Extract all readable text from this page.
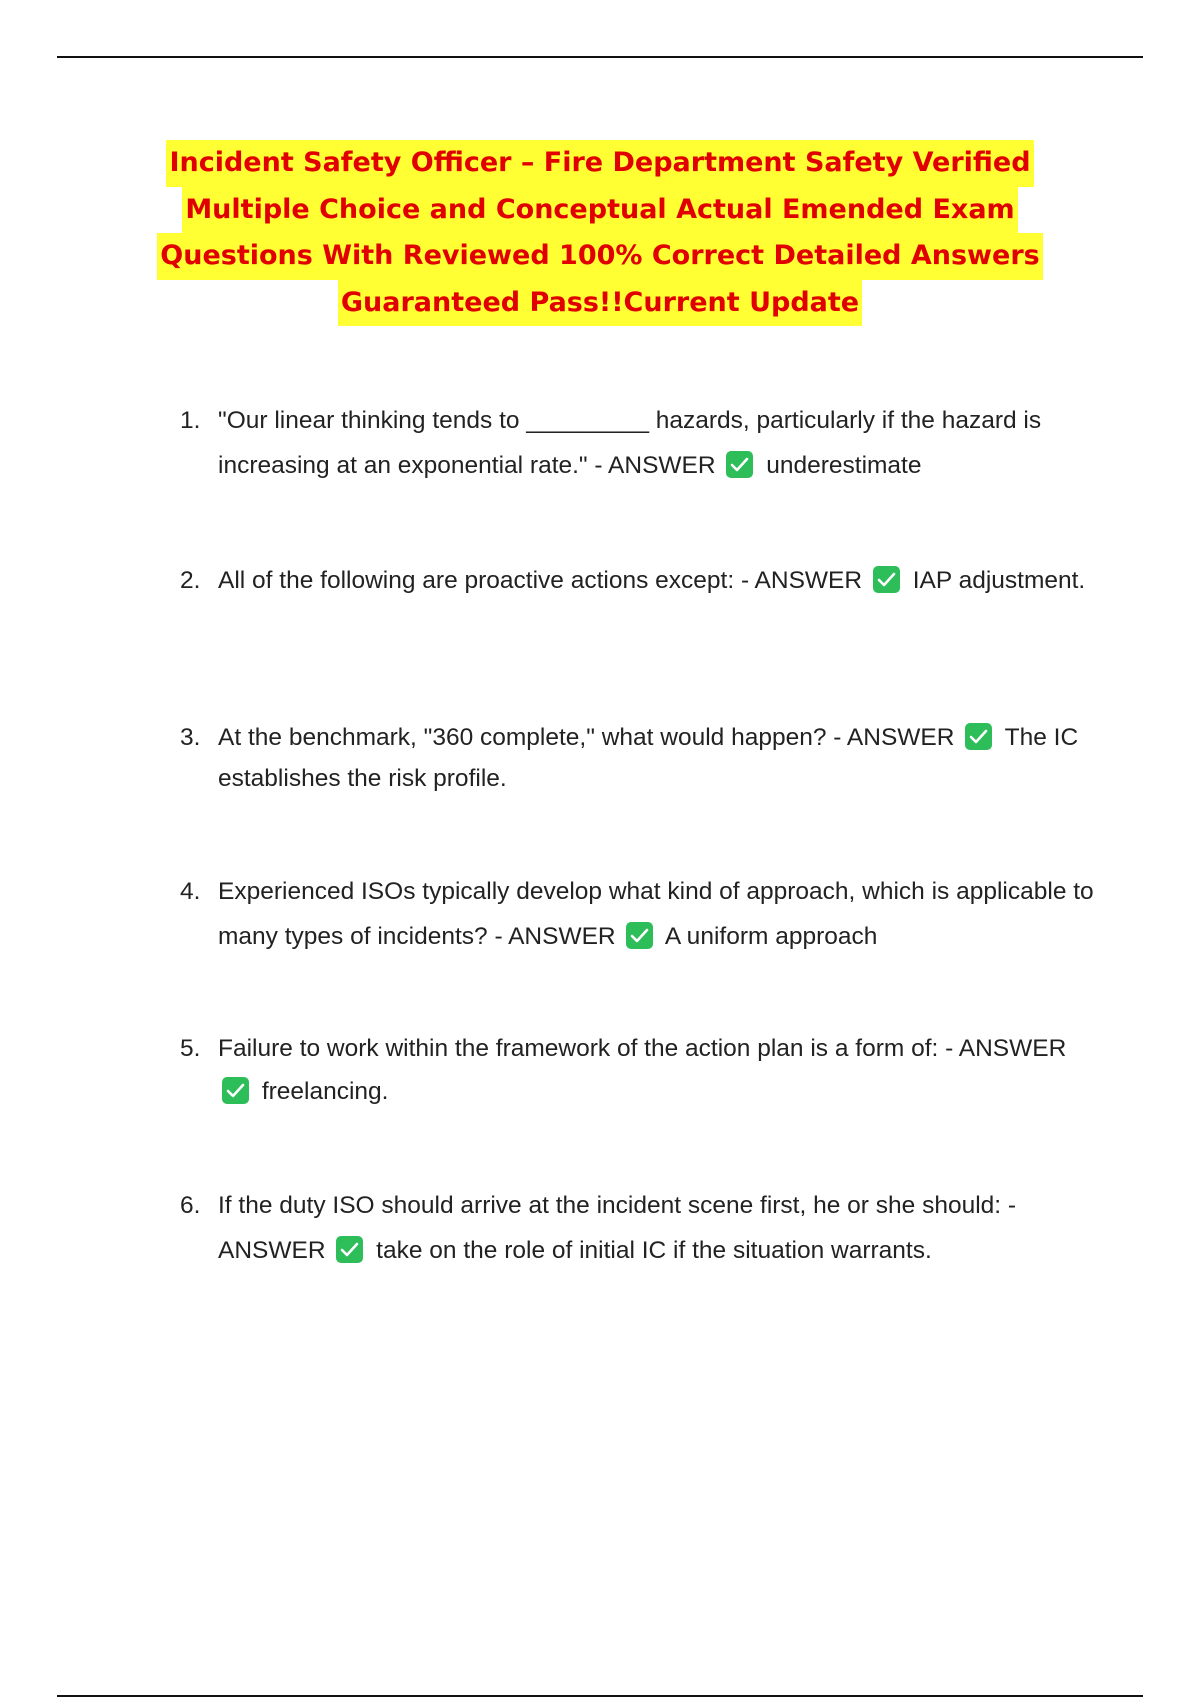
Incident Safety Officer – Fire Department Safety Verified
Multiple Choice and Conceptual Actual Emended Exam
Questions With Reviewed 100% Correct Detailed Answers
Guaranteed Pass!!Current Update
1. "Our linear thinking tends to _________ hazards, particularly if the hazard is increasing at an exponential rate." - ANSWER underestimate
2. All of the following are proactive actions except: - ANSWER IAP adjustment.
3. At the benchmark, "360 complete," what would happen? - ANSWER The IC establishes the risk profile.
4. Experienced ISOs typically develop what kind of approach, which is applicable to many types of incidents? - ANSWER A uniform approach
5. Failure to work within the framework of the action plan is a form of: - ANSWER
freelancing.
6. If the duty ISO should arrive at the incident scene first, he or she should: - ANSWER take on the role of initial IC if the situation warrants.
